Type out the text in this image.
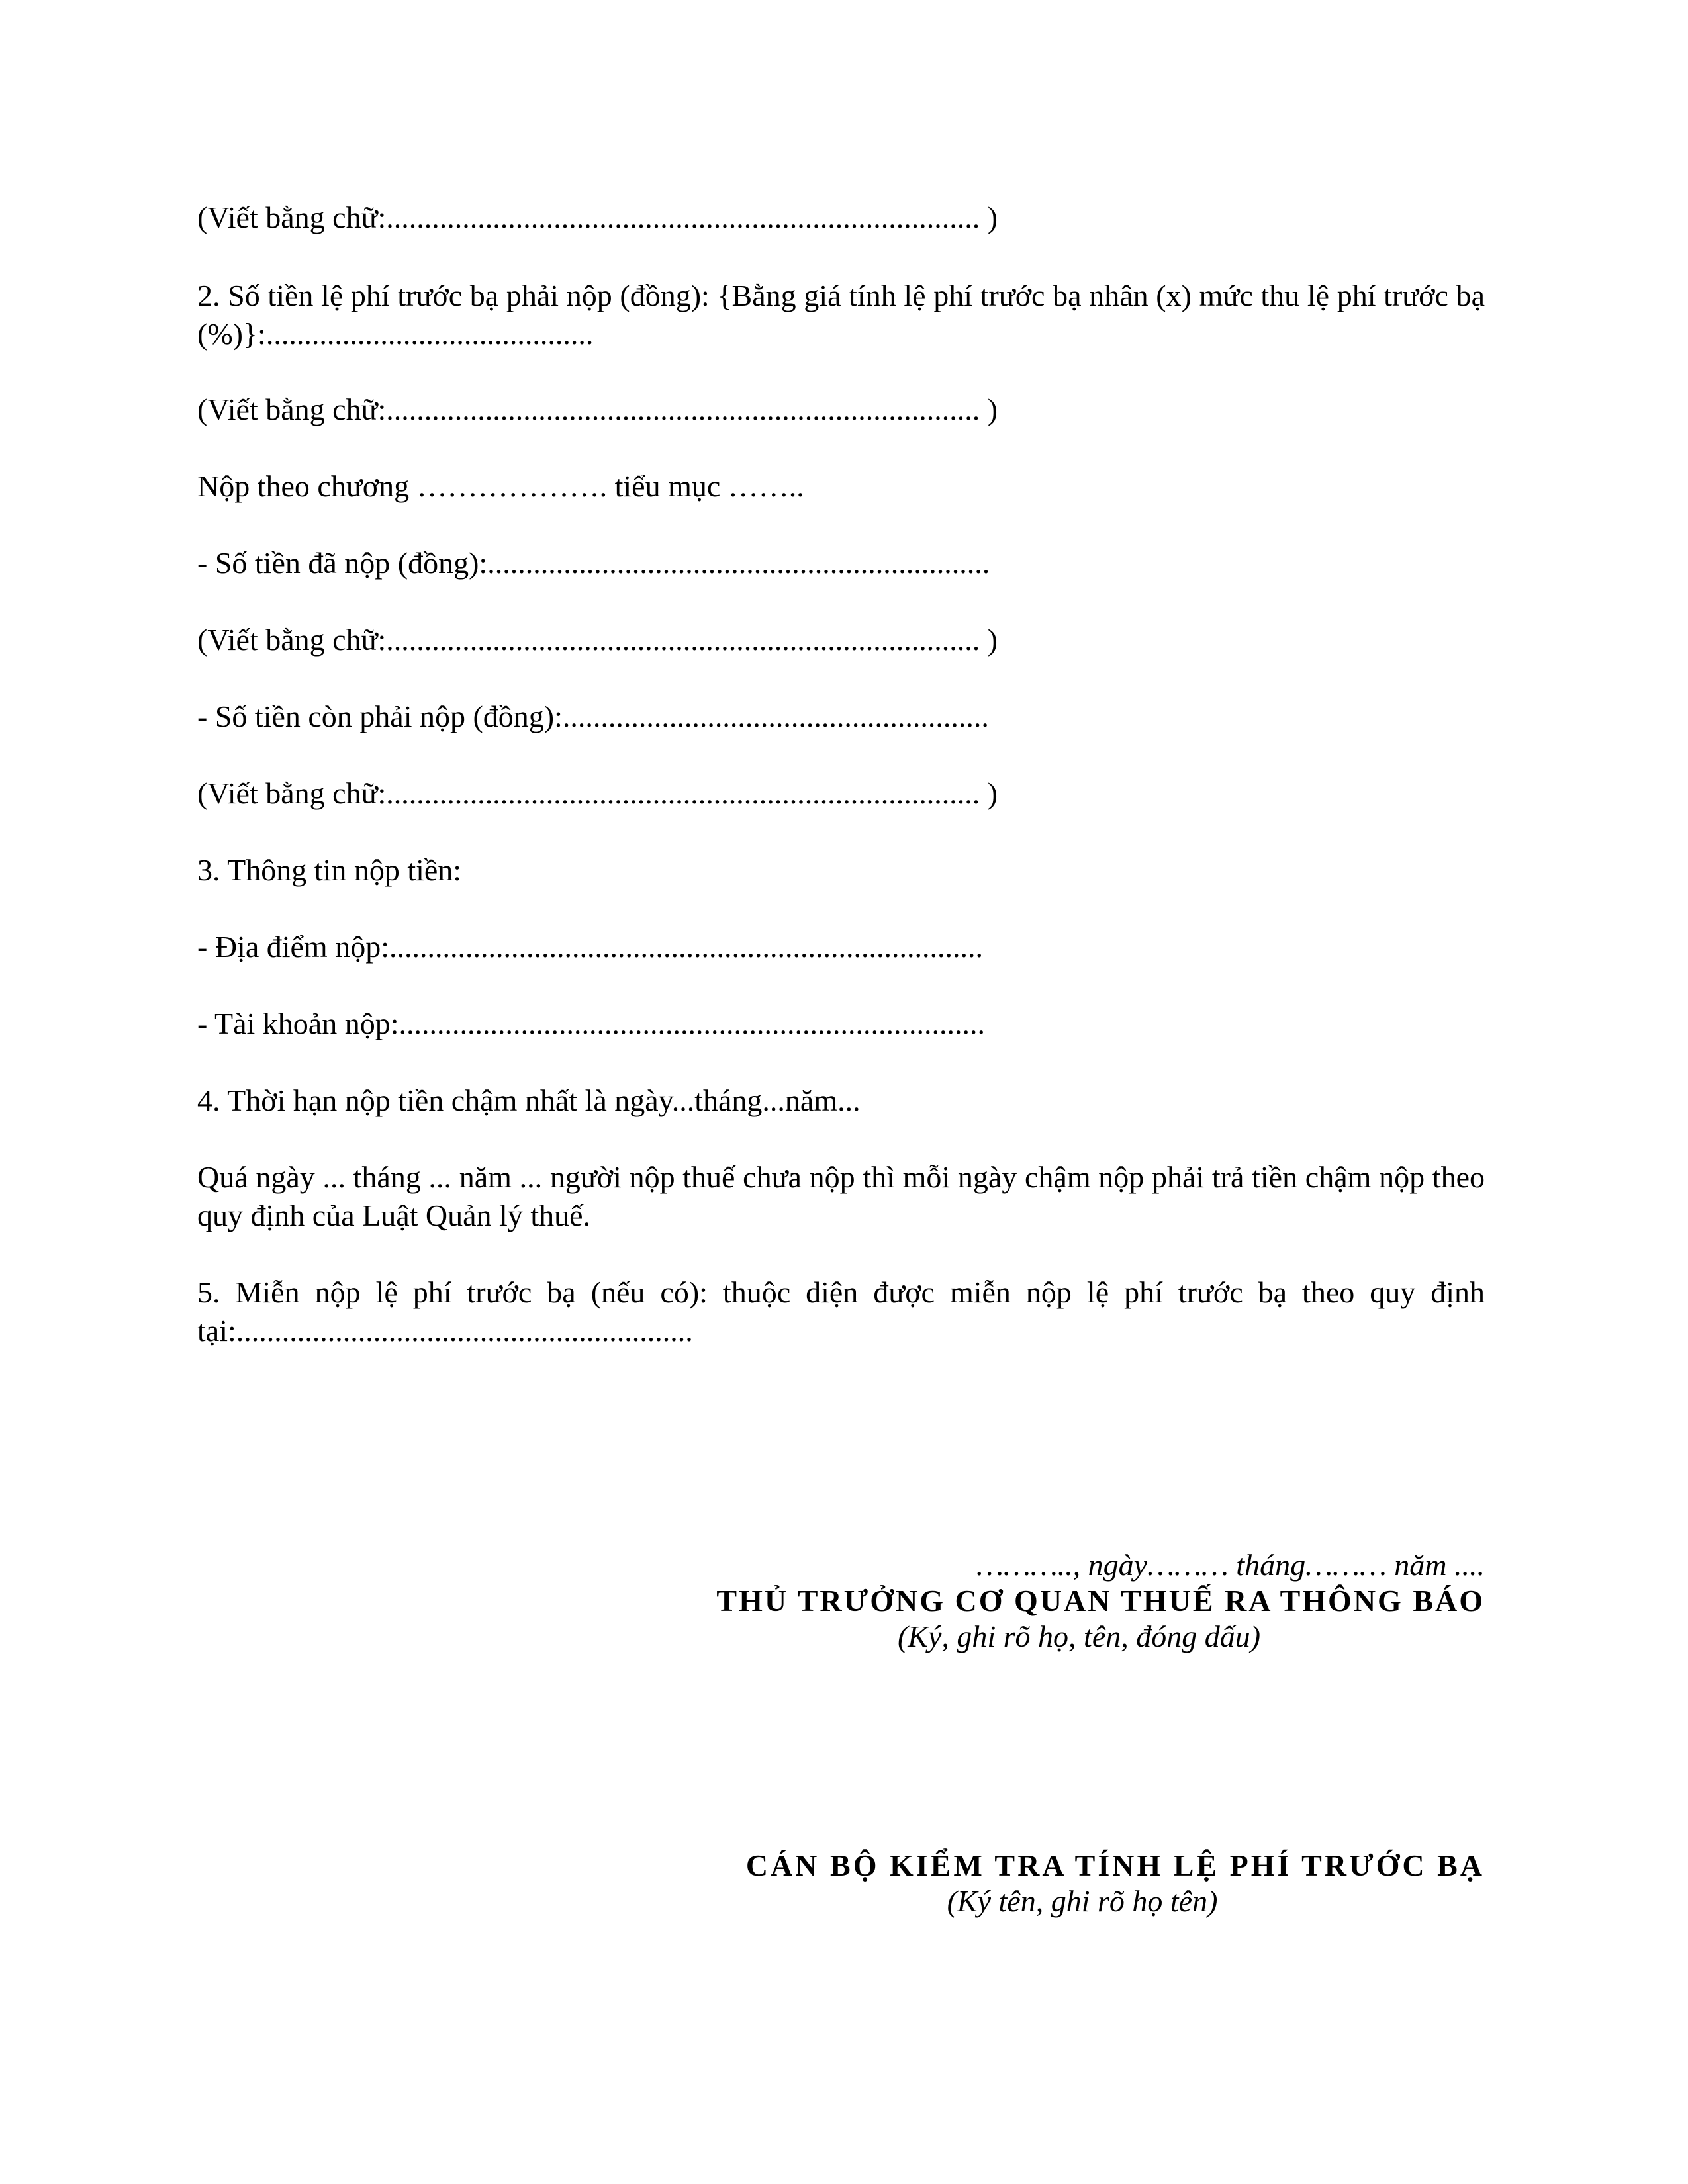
(Viết bằng chữ:.............................................................................. )
2. Số tiền lệ phí trước bạ phải nộp (đồng): {Bằng giá tính lệ phí trước bạ nhân (x) mức thu lệ phí trước bạ (%)}:...........................................
(Viết bằng chữ:.............................................................................. )
Nộp theo chương ………………. tiểu mục ……..
- Số tiền đã nộp (đồng):..................................................................
(Viết bằng chữ:.............................................................................. )
- Số tiền còn phải nộp (đồng):........................................................
(Viết bằng chữ:.............................................................................. )
3. Thông tin nộp tiền:
- Địa điểm nộp:..............................................................................
- Tài khoản nộp:.............................................................................
4. Thời hạn nộp tiền chậm nhất là ngày...tháng...năm...
Quá ngày ... tháng ... năm ... người nộp thuế chưa nộp thì mỗi ngày chậm nộp phải trả tiền chậm nộp theo quy định của Luật Quản lý thuế.
5. Miễn nộp lệ phí trước bạ (nếu có): thuộc diện được miễn nộp lệ phí trước bạ theo quy định tại:............................................................
……….., ngày……… tháng……… năm ....
THỦ TRƯỞNG CƠ QUAN THUẾ RA THÔNG BÁO
(Ký, ghi rõ họ, tên, đóng dấu)
CÁN BỘ KIỂM TRA TÍNH LỆ PHÍ TRƯỚC BẠ
(Ký tên, ghi rõ họ tên)
